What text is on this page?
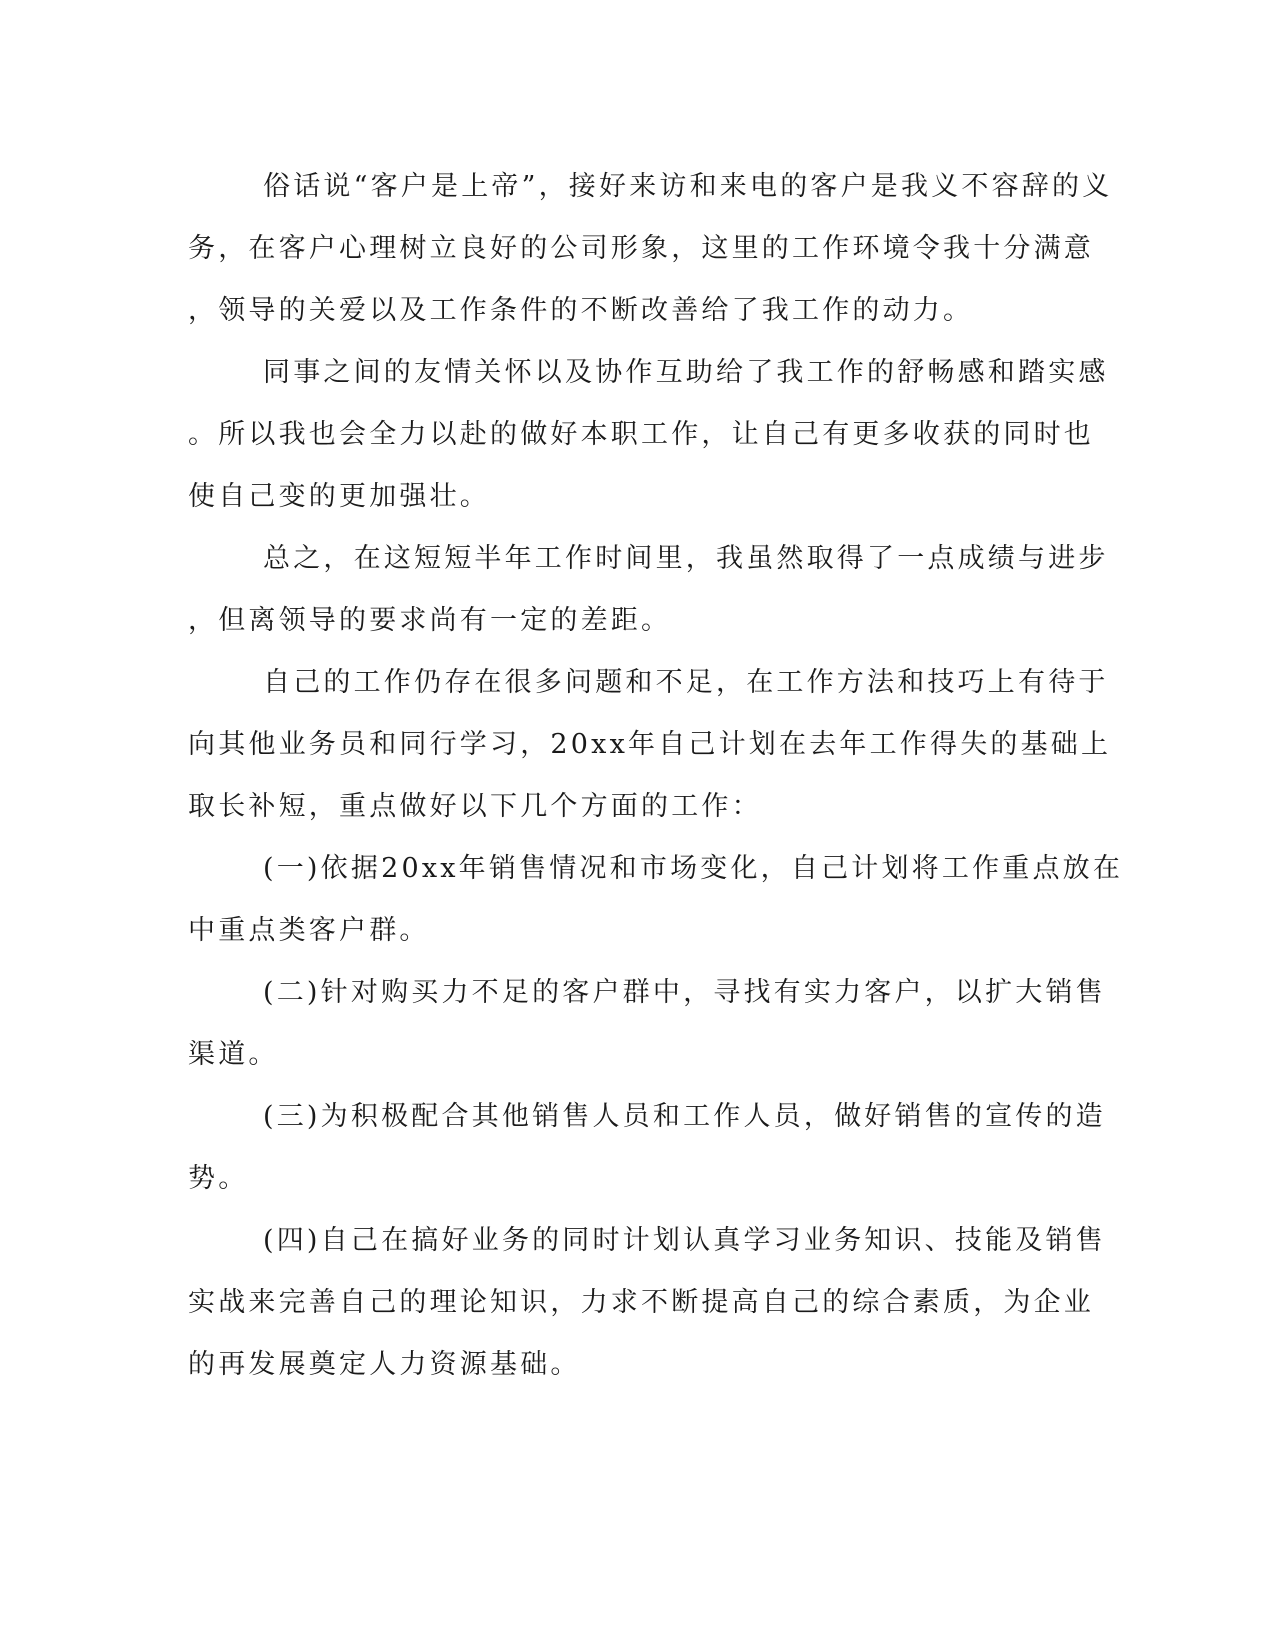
俗话说“客户是上帝”，接好来访和来电的客户是我义不容辞的义
务，在客户心理树立良好的公司形象，这里的工作环境令我十分满意
，领导的关爱以及工作条件的不断改善给了我工作的动力。
同事之间的友情关怀以及协作互助给了我工作的舒畅感和踏实感
。所以我也会全力以赴的做好本职工作，让自己有更多收获的同时也
使自己变的更加强壮。
总之，在这短短半年工作时间里，我虽然取得了一点成绩与进步
，但离领导的要求尚有一定的差距。
自己的工作仍存在很多问题和不足，在工作方法和技巧上有待于
向其他业务员和同行学习，20xx年自己计划在去年工作得失的基础上
取长补短，重点做好以下几个方面的工作：
(一)依据20xx年销售情况和市场变化，自己计划将工作重点放在
中重点类客户群。
(二)针对购买力不足的客户群中，寻找有实力客户，以扩大销售
渠道。
(三)为积极配合其他销售人员和工作人员，做好销售的宣传的造
势。
(四)自己在搞好业务的同时计划认真学习业务知识、技能及销售
实战来完善自己的理论知识，力求不断提高自己的综合素质，为企业
的再发展奠定人力资源基础。
